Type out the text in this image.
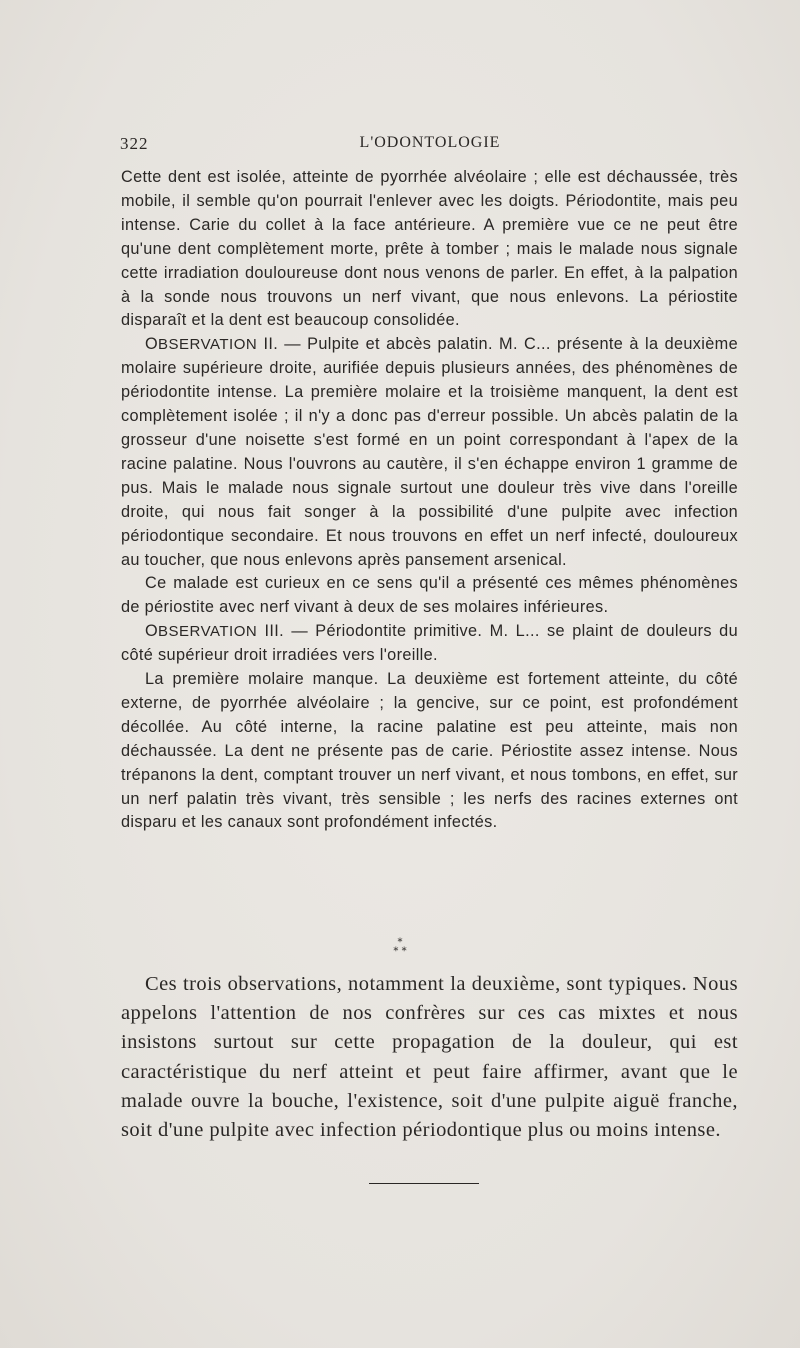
322	L'ODONTOLOGIE

Cette dent est isolée, atteinte de pyorrhée alvéolaire ; elle est déchaussée, très mobile, il semble qu'on pourrait l'enlever avec les doigts. Périodontite, mais peu intense. Carie du collet à la face antérieure. A première vue ce ne peut être qu'une dent complètement morte, prête à tomber ; mais le malade nous signale cette irradiation douloureuse dont nous venons de parler. En effet, à la palpation à la sonde nous trouvons un nerf vivant, que nous enlevons. La périostite disparaît et la dent est beaucoup consolidée.

OBSERVATION II. — Pulpite et abcès palatin. M. C... présente à la deuxième molaire supérieure droite, aurifiée depuis plusieurs années, des phénomènes de périodontite intense. La première molaire et la troisième manquent, la dent est complètement isolée ; il n'y a donc pas d'erreur possible. Un abcès palatin de la grosseur d'une noisette s'est formé en un point correspondant à l'apex de la racine palatine. Nous l'ouvrons au cautère, il s'en échappe environ 1 gramme de pus. Mais le malade nous signale surtout une douleur très vive dans l'oreille droite, qui nous fait songer à la possibilité d'une pulpite avec infection périodontique secondaire. Et nous trouvons en effet un nerf infecté, douloureux au toucher, que nous enlevons après pansement arsenical.

Ce malade est curieux en ce sens qu'il a présenté ces mêmes phénomènes de périostite avec nerf vivant à deux de ses molaires inférieures.

OBSERVATION III. — Périodontite primitive. M. L... se plaint de douleurs du côté supérieur droit irradiées vers l'oreille.

La première molaire manque. La deuxième est fortement atteinte, du côté externe, de pyorrhée alvéolaire ; la gencive, sur ce point, est profondément décollée. Au côté interne, la racine palatine est peu atteinte, mais non déchaussée. La dent ne présente pas de carie. Périostite assez intense. Nous trépanons la dent, comptant trouver un nerf vivant, et nous tombons, en effet, sur un nerf palatin très vivant, très sensible ; les nerfs des racines externes ont disparu et les canaux sont profondément infectés.

*
* *

Ces trois observations, notamment la deuxième, sont typiques. Nous appelons l'attention de nos confrères sur ces cas mixtes et nous insistons surtout sur cette propagation de la douleur, qui est caractéristique du nerf atteint et peut faire affirmer, avant que le malade ouvre la bouche, l'existence, soit d'une pulpite aiguë franche, soit d'une pulpite avec infection périodontique plus ou moins intense.
